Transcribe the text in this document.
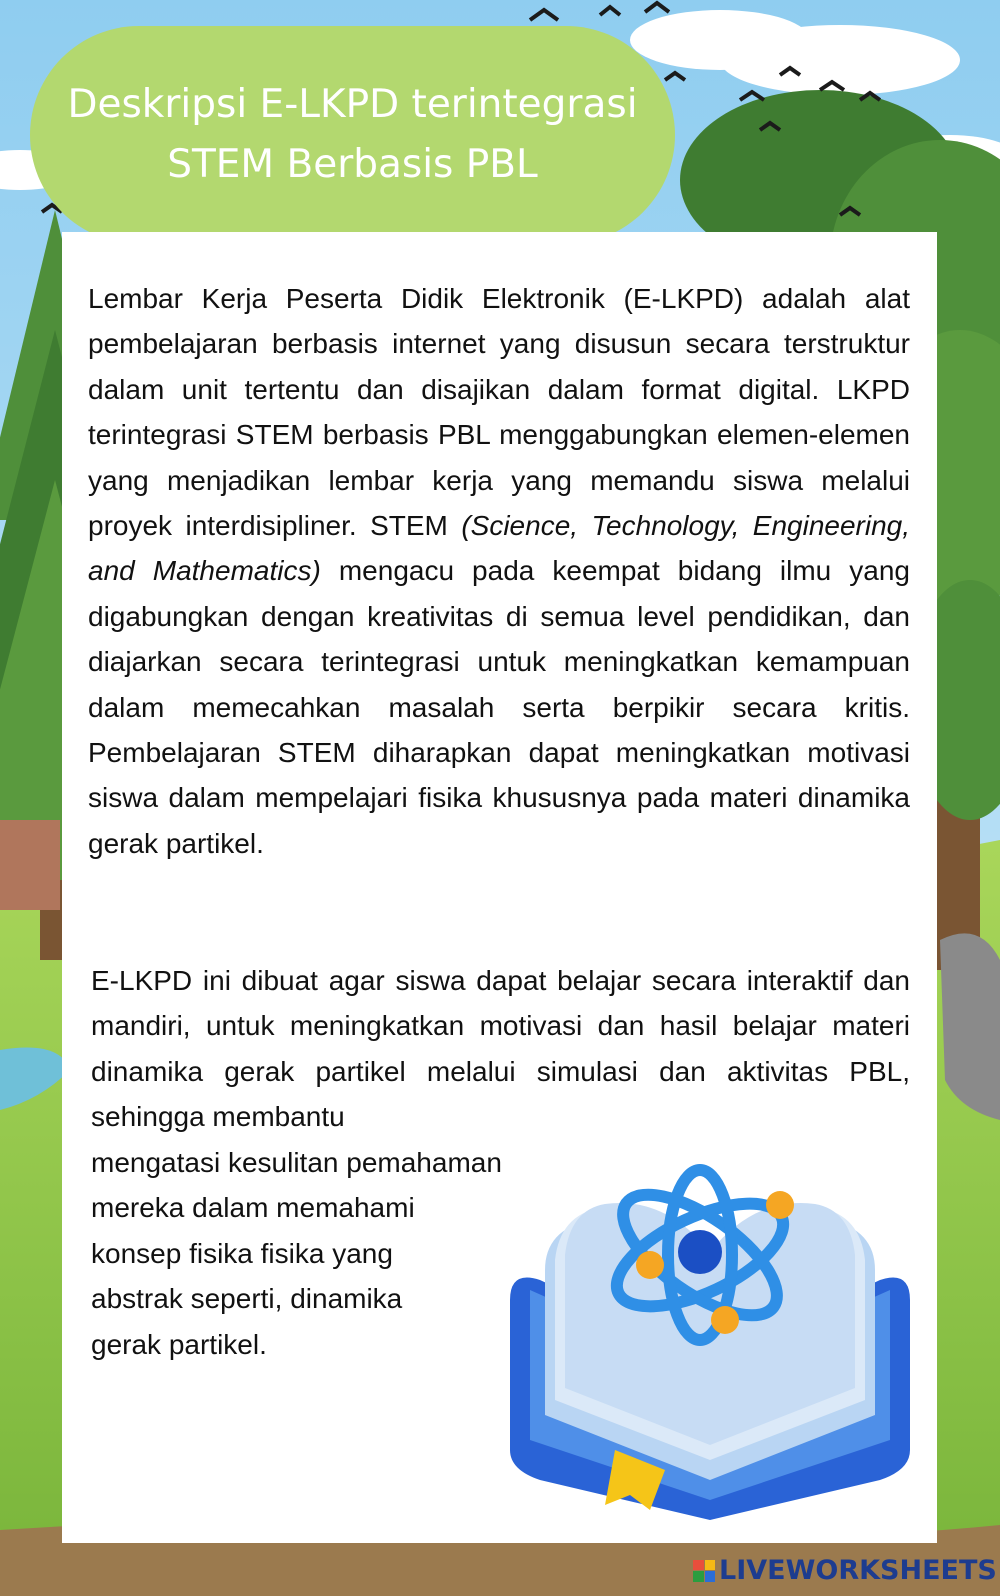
Deskripsi E-LKPD terintegrasi
STEM Berbasis PBL
Lembar Kerja Peserta Didik Elektronik (E-LKPD) adalah alat pembelajaran berbasis internet yang disusun secara terstruktur dalam unit tertentu dan disajikan dalam format digital. LKPD terintegrasi STEM berbasis PBL menggabungkan elemen-elemen yang menjadikan lembar kerja yang memandu siswa melalui proyek interdisipliner. STEM (Science, Technology, Engineering, and Mathematics) mengacu pada keempat bidang ilmu yang digabungkan dengan kreativitas di semua level pendidikan, dan diajarkan secara terintegrasi untuk meningkatkan kemampuan dalam memecahkan masalah serta berpikir secara kritis. Pembelajaran STEM diharapkan dapat meningkatkan motivasi siswa dalam mempelajari fisika khususnya pada materi dinamika gerak partikel.
E-LKPD ini dibuat agar siswa dapat belajar secara interaktif dan mandiri, untuk meningkatkan motivasi dan hasil belajar materi dinamika gerak partikel melalui simulasi dan aktivitas PBL, sehingga membantu
mengatasi kesulitan pemahaman
mereka dalam memahami
konsep fisika fisika yang
abstrak seperti, dinamika
gerak partikel.
LIVEWORKSHEETS
